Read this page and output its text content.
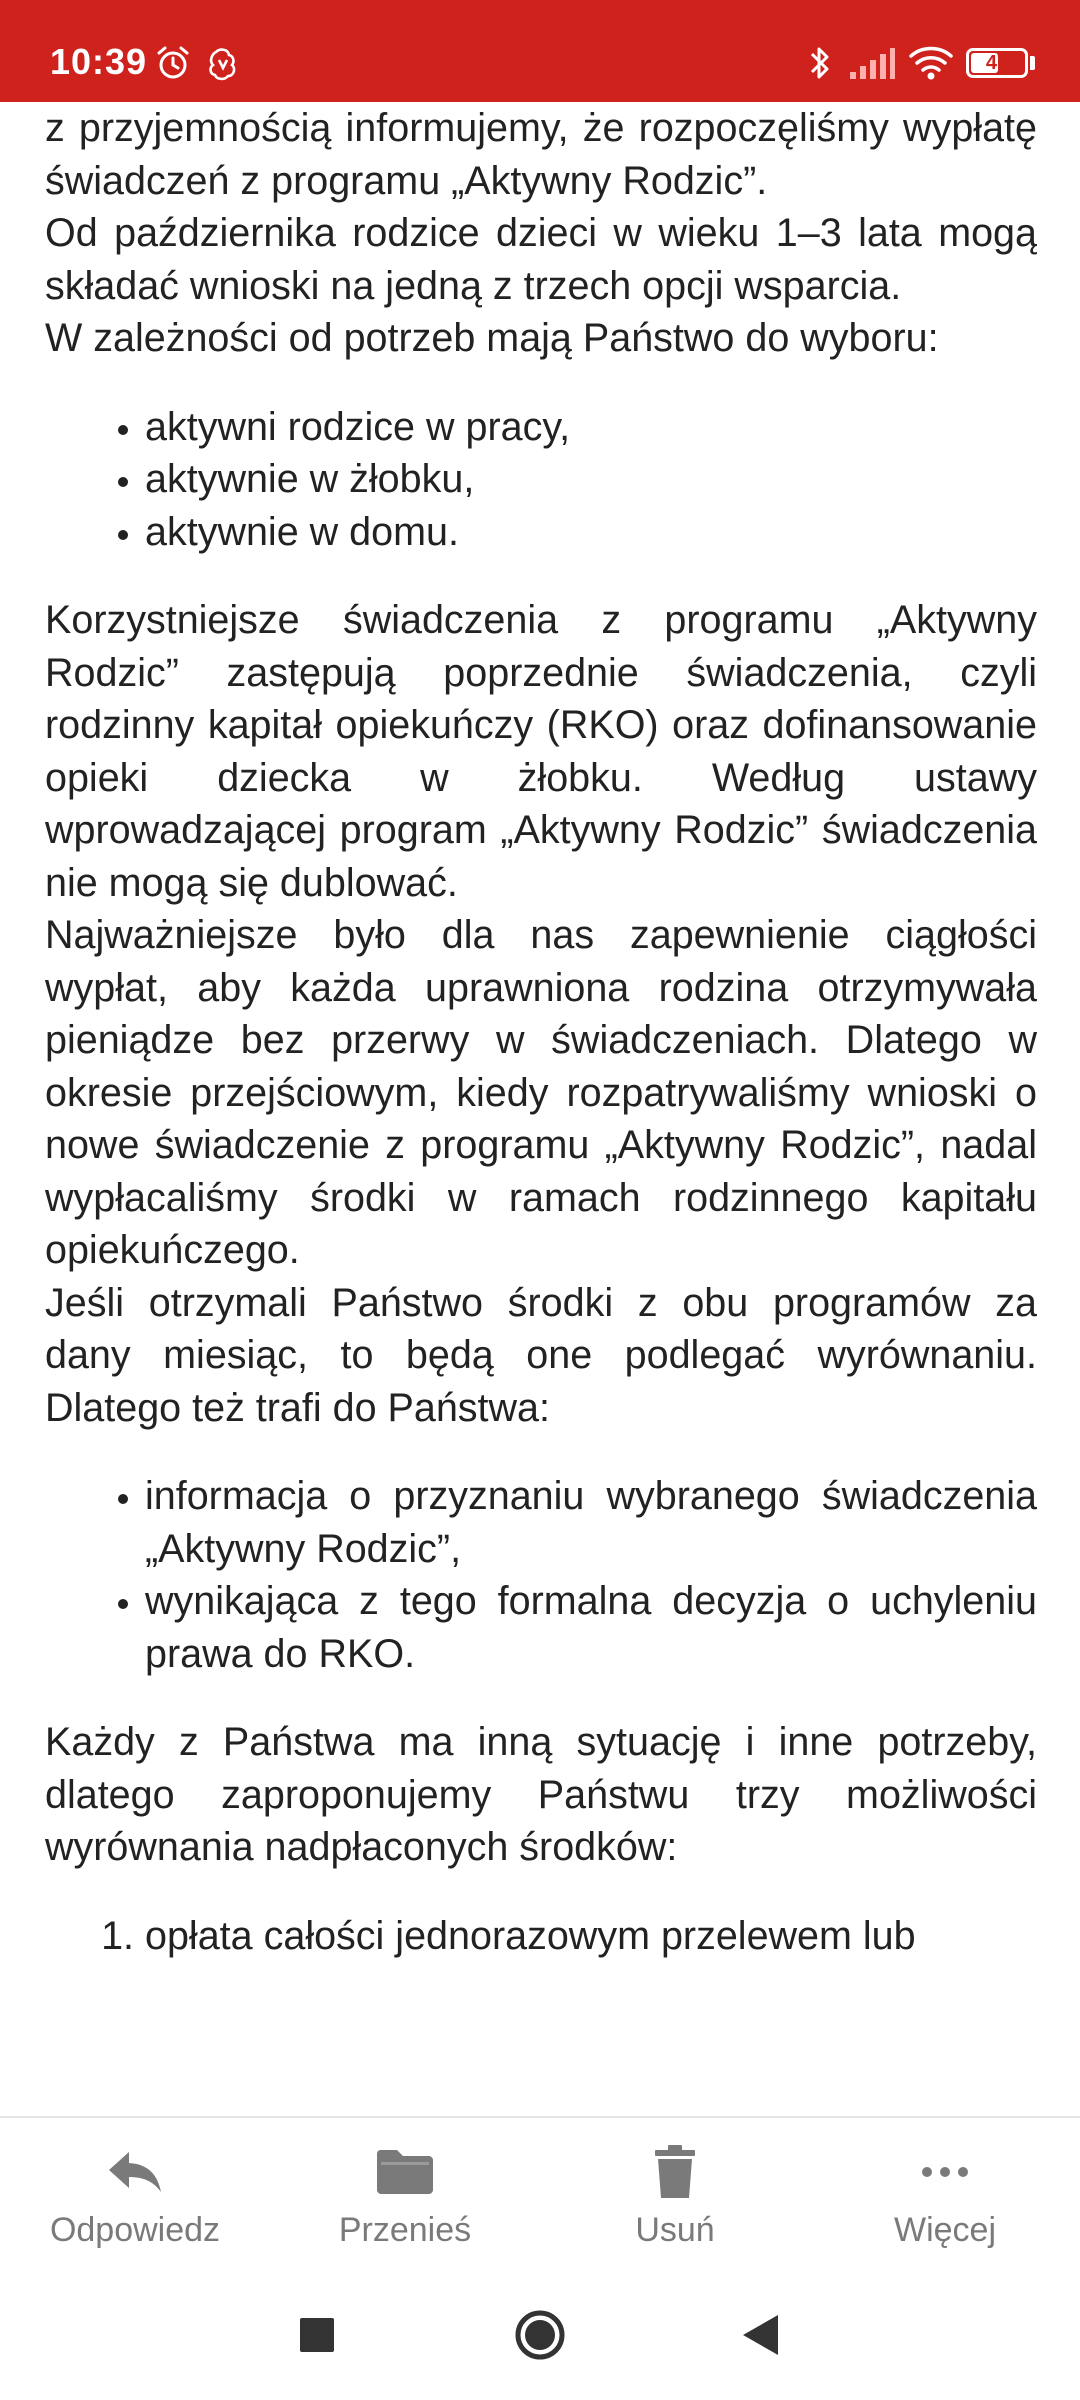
10:39	47

z przyjemnością informujemy, że rozpoczęliśmy wypłatę świadczeń z programu „Aktywny Rodzic”.

Od października rodzice dzieci w wieku 1–3 lata mogą składać wnioski na jedną z trzech opcji wsparcia.

W zależności od potrzeb mają Państwo do wyboru:

• aktywni rodzice w pracy,
• aktywnie w żłobku,
• aktywnie w domu.

Korzystniejsze świadczenia z programu „Aktywny Rodzic” zastępują poprzednie świadczenia, czyli rodzinny kapitał opiekuńczy (RKO) oraz dofinansowanie opieki dziecka w żłobku. Według ustawy wprowadzającej program „Aktywny Rodzic” świadczenia nie mogą się dublować.

Najważniejsze było dla nas zapewnienie ciągłości wypłat, aby każda uprawniona rodzina otrzymywała pieniądze bez przerwy w świadczeniach. Dlatego w okresie przejściowym, kiedy rozpatrywaliśmy wnioski o nowe świadczenie z programu „Aktywny Rodzic”, nadal wypłacaliśmy środki w ramach rodzinnego kapitału opiekuńczego.

Jeśli otrzymali Państwo środki z obu programów za dany miesiąc, to będą one podlegać wyrównaniu. Dlatego też trafi do Państwa:

• informacja o przyznaniu wybranego świadczenia „Aktywny Rodzic”,
• wynikająca z tego formalna decyzja o uchyleniu prawa do RKO.

Każdy z Państwa ma inną sytuację i inne potrzeby, dlatego zaproponujemy Państwu trzy możliwości wyrównania nadpłaconych środków:

1. opłata całości jednorazowym przelewem lub
Odpowiedz	Przenieś	Usuń	Więcej
